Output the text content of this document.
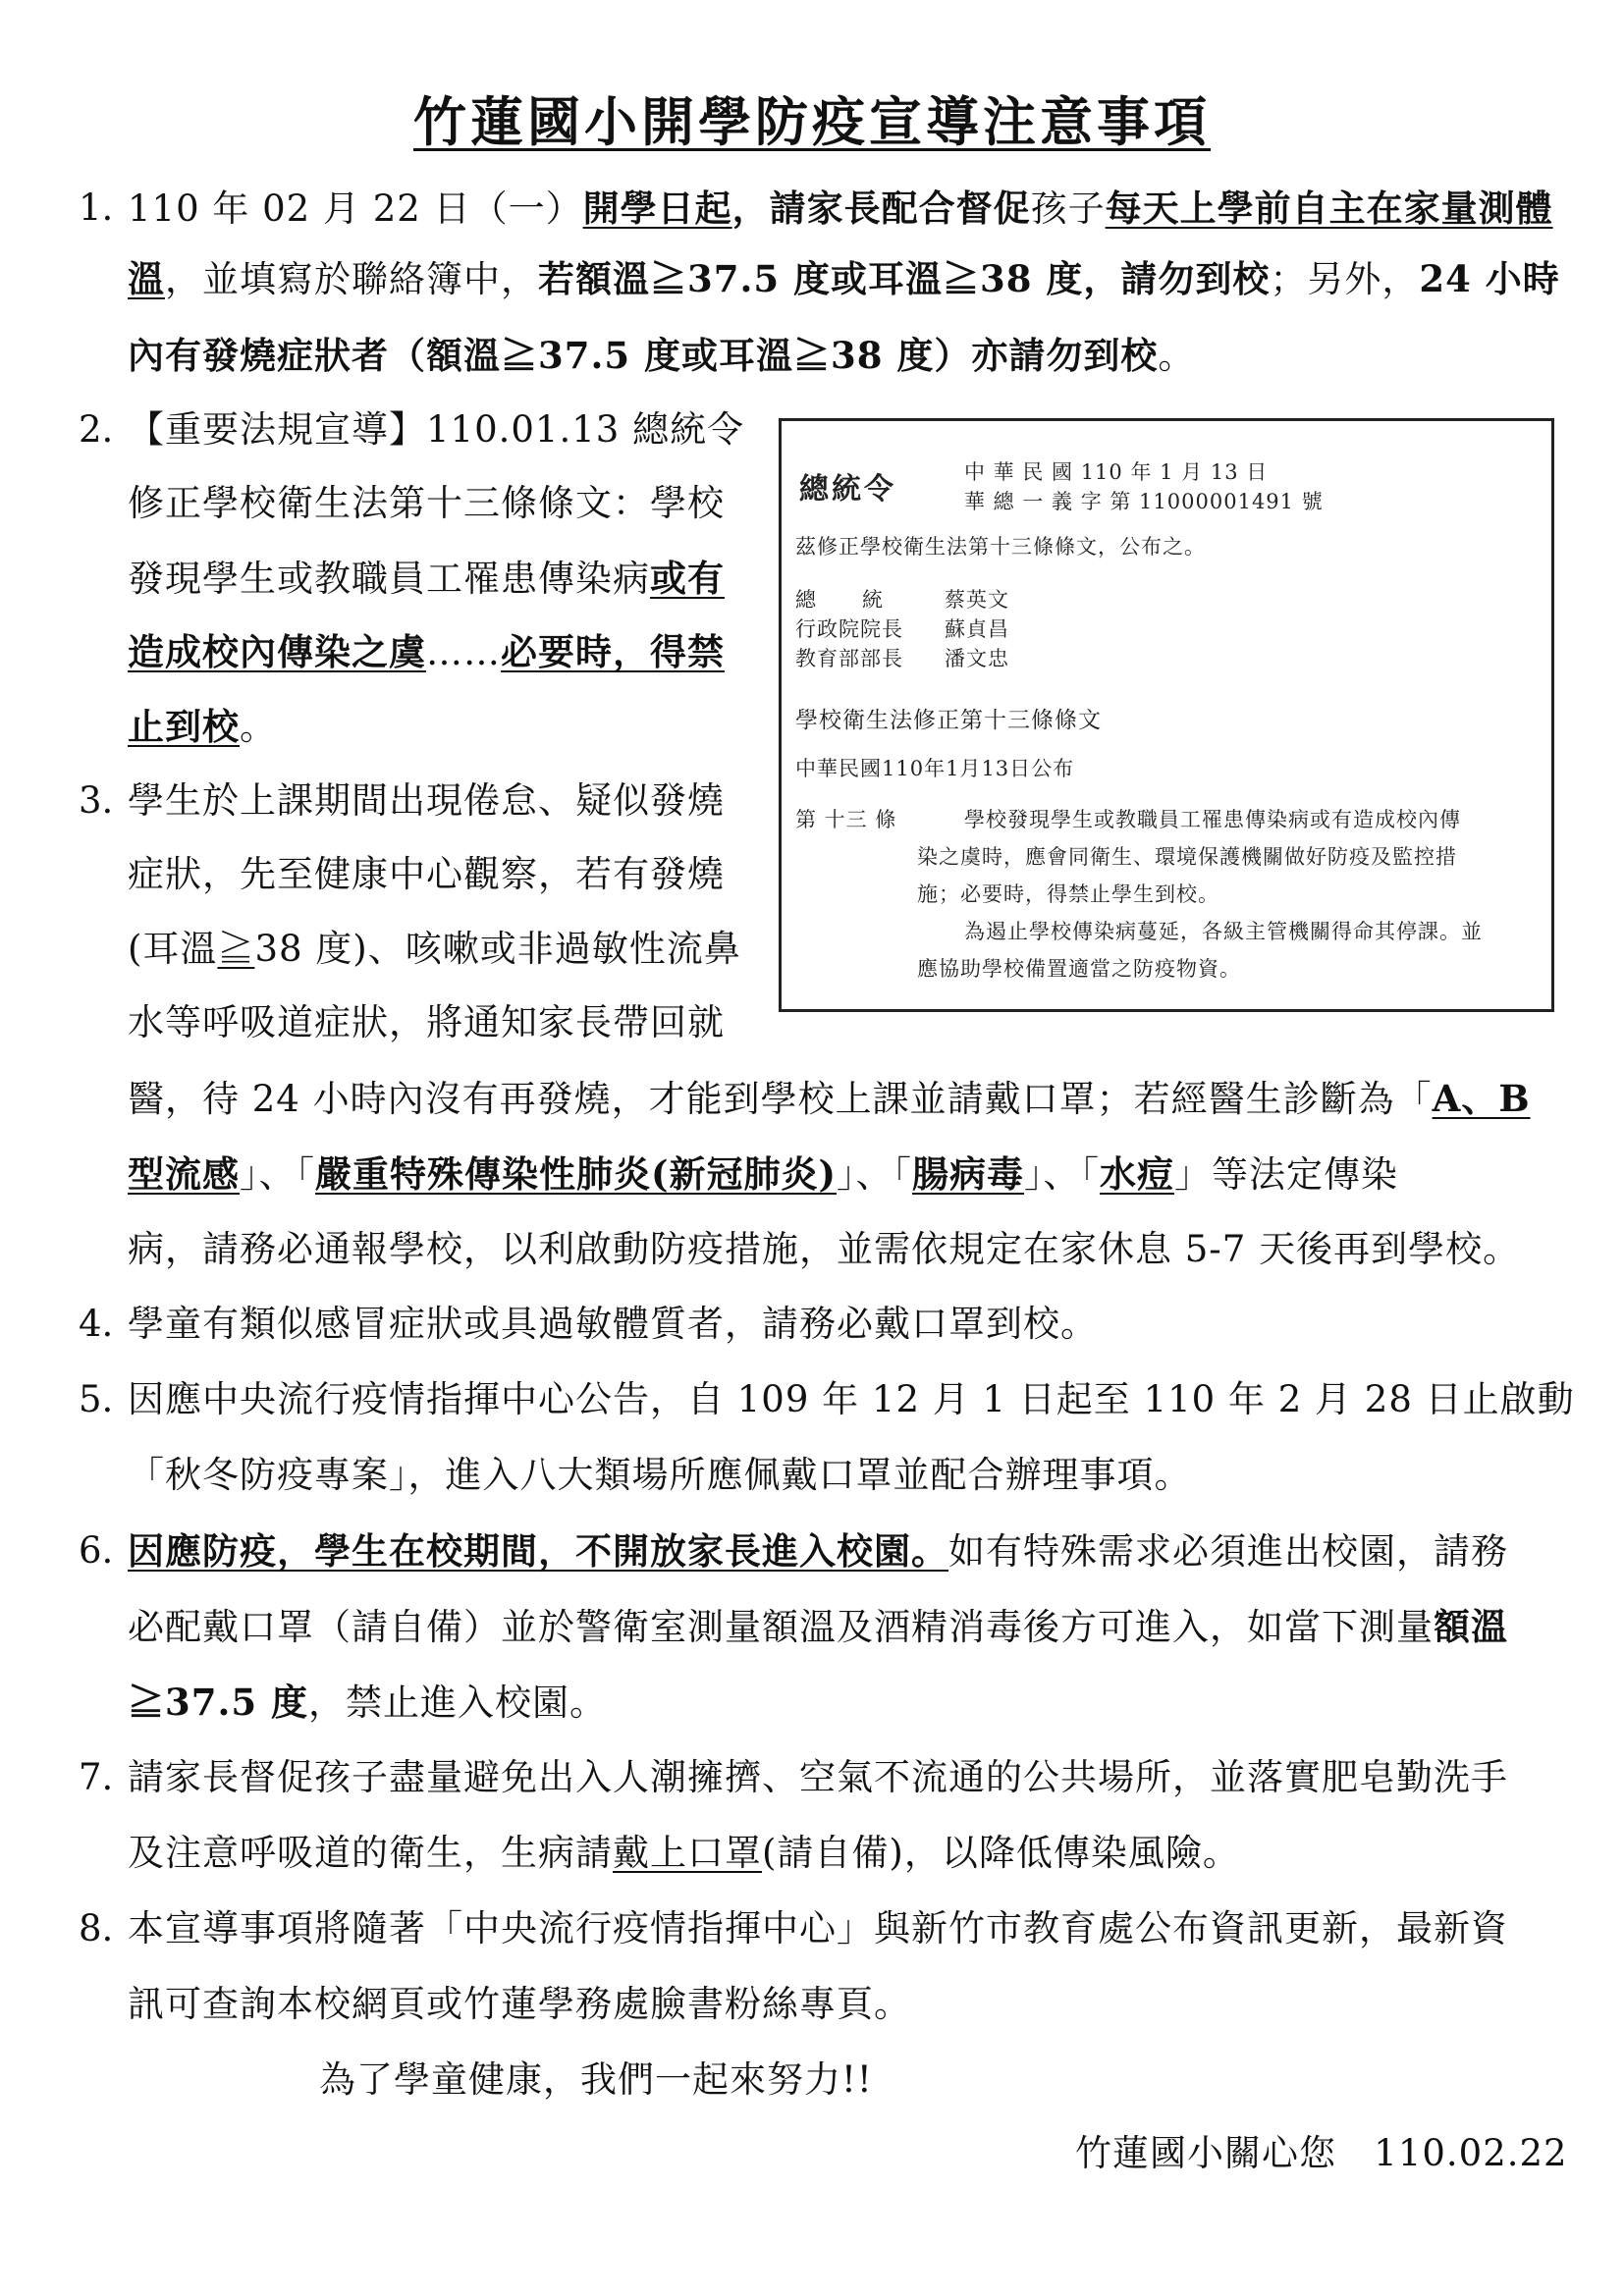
竹蓮國小開學防疫宣導注意事項
1. 110 年 02 月 22 日（一）開學日起，請家長配合督促孩子每天上學前自主在家量測體
溫，並填寫於聯絡簿中，若額溫≧37.5 度或耳溫≧38 度，請勿到校；另外，24 小時
內有發燒症狀者（額溫≧37.5 度或耳溫≧38 度）亦請勿到校。
2. 【重要法規宣導】110.01.13 總統令
修正學校衛生法第十三條條文：學校
發現學生或教職員工罹患傳染病或有
造成校內傳染之虞……必要時，得禁
止到校。
3. 學生於上課期間出現倦怠、疑似發燒
症狀，先至健康中心觀察，若有發燒
(耳溫≧38 度)、咳嗽或非過敏性流鼻
水等呼吸道症狀，將通知家長帶回就
醫，待 24 小時內沒有再發燒，才能到學校上課並請戴口罩；若經醫生診斷為「A、B
型流感」、「嚴重特殊傳染性肺炎(新冠肺炎)」、「腸病毒」、「水痘」等法定傳染
病，請務必通報學校，以利啟動防疫措施，並需依規定在家休息 5-7 天後再到學校。
4. 學童有類似感冒症狀或具過敏體質者，請務必戴口罩到校。
5. 因應中央流行疫情指揮中心公告，自 109 年 12 月 1 日起至 110 年 2 月 28 日止啟動
「秋冬防疫專案」，進入八大類場所應佩戴口罩並配合辦理事項。
6. 因應防疫，學生在校期間，不開放家長進入校園。如有特殊需求必須進出校園，請務
必配戴口罩（請自備）並於警衛室測量額溫及酒精消毒後方可進入，如當下測量額溫
≧37.5 度，禁止進入校園。
7. 請家長督促孩子盡量避免出入人潮擁擠、空氣不流通的公共場所，並落實肥皂勤洗手
及注意呼吸道的衛生，生病請戴上口罩(請自備)，以降低傳染風險。
8. 本宣導事項將隨著「中央流行疫情指揮中心」與新竹市教育處公布資訊更新，最新資
訊可查詢本校網頁或竹蓮學務處臉書粉絲專頁。
為了學童健康，我們一起來努力!!
竹蓮國小關心您   110.02.22
總統令	中 華 民 國 110 年 1 月 13 日
華 總 一 義 字 第 11000001491 號
茲修正學校衛生法第十三條條文，公布之。
總      統	蔡英文
行政院院長 蘇貞昌
教育部部長 潘文忠
學校衛生法修正第十三條條文
中華民國110年1月13日公布
第 十三 條	學校發現學生或教職員工罹患傳染病或有造成校內傳
染之虞時，應會同衛生、環境保護機關做好防疫及監控措
施；必要時，得禁止學生到校。
為遏止學校傳染病蔓延，各級主管機關得命其停課。並
應協助學校備置適當之防疫物資。
